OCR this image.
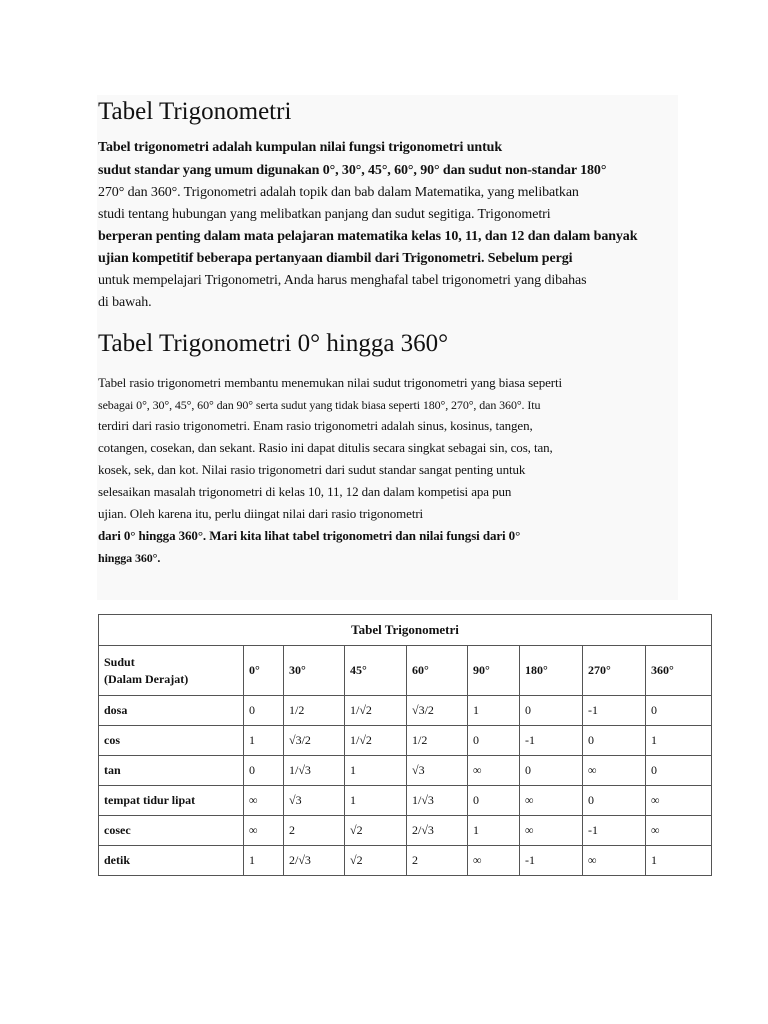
Tabel Trigonometri
Tabel trigonometri adalah kumpulan nilai fungsi trigonometri untuk
sudut standar yang umum digunakan 0°, 30°, 45°, 60°, 90° dan sudut non-standar 180°
270° dan 360°. Trigonometri adalah topik dan bab dalam Matematika, yang melibatkan
studi tentang hubungan yang melibatkan panjang dan sudut segitiga. Trigonometri
berperan penting dalam mata pelajaran matematika kelas 10, 11, dan 12 dan dalam banyak
ujian kompetitif beberapa pertanyaan diambil dari Trigonometri. Sebelum pergi
untuk mempelajari Trigonometri, Anda harus menghafal tabel trigonometri yang dibahas
di bawah.
Tabel Trigonometri 0° hingga 360°
Tabel rasio trigonometri membantu menemukan nilai sudut trigonometri yang biasa seperti
sebagai 0°, 30°, 45°, 60° dan 90° serta sudut yang tidak biasa seperti 180°, 270°, dan 360°. Itu
terdiri dari rasio trigonometri. Enam rasio trigonometri adalah sinus, kosinus, tangen,
cotangen, cosekan, dan sekant. Rasio ini dapat ditulis secara singkat sebagai sin, cos, tan,
kosek, sek, dan kot. Nilai rasio trigonometri dari sudut standar sangat penting untuk
selesaikan masalah trigonometri di kelas 10, 11, 12 dan dalam kompetisi apa pun
ujian. Oleh karena itu, perlu diingat nilai dari rasio trigonometri
dari 0° hingga 360°. Mari kita lihat tabel trigonometri dan nilai fungsi dari 0°
hingga 360°.
Tabel Trigonometri								
Sudut
(Dalam Derajat)	0°	30°	45°	60°	90°	180°	270°	360°
dosa	0	1/2	1/√2	√3/2	1	0	-1	0
cos	1	√3/2	1/√2	1/2	0	-1	0	1
tan	0	1/√3	1	√3	∞	0	∞	0
tempat tidur lipat	∞	√3	1	1/√3	0	∞	0	∞
cosec	∞	2	√2	2/√3	1	∞	-1	∞
detik	1	2/√3	√2	2	∞	-1	∞	1
